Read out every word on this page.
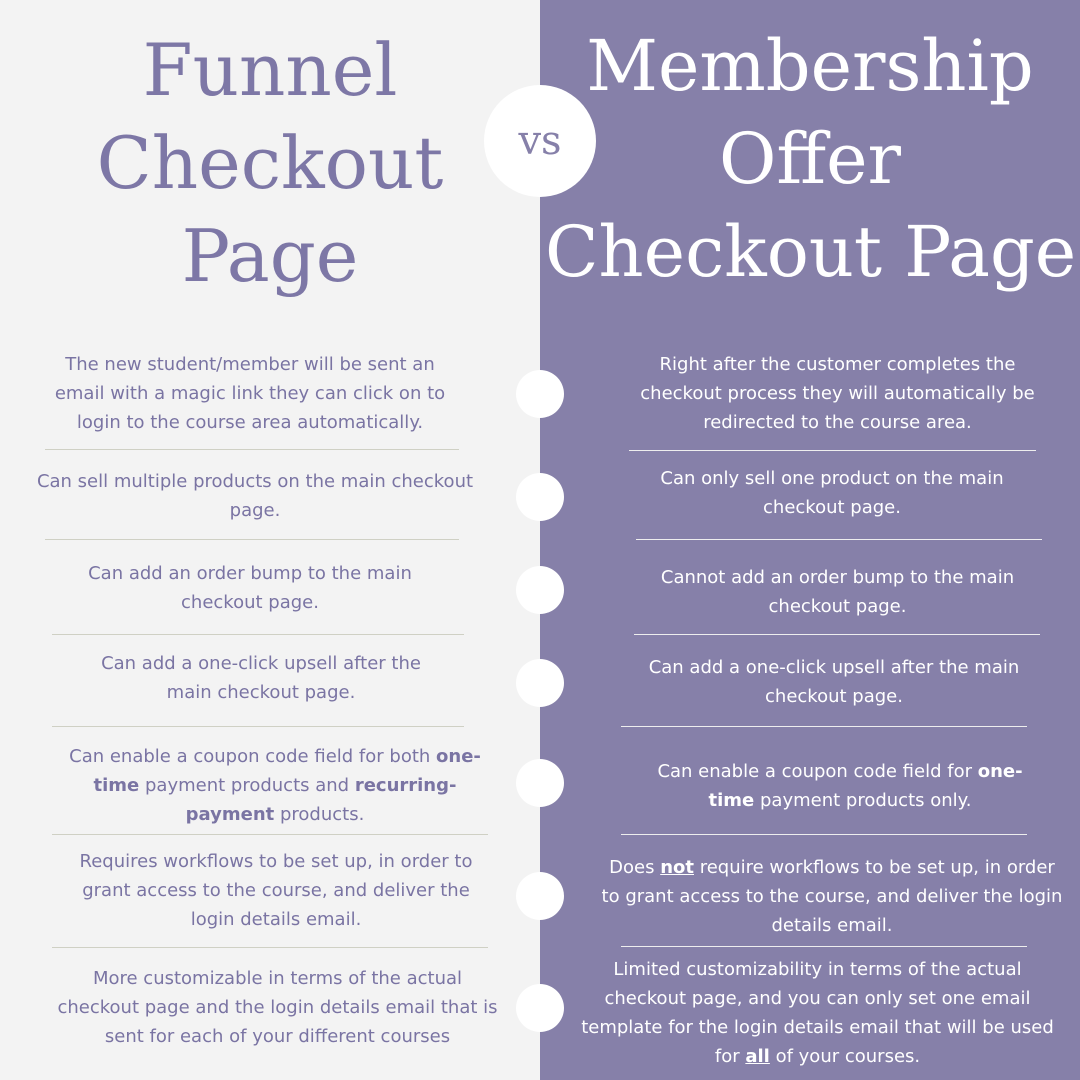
Funnel
Checkout
Page
Membership
Offer
Checkout Page
vs

The new student/member will be sent an email with a magic link they can click on to login to the course area automatically.

Can sell multiple products on the main checkout page.

Can add an order bump to the main checkout page.

Can add a one-click upsell after the main checkout page.

Can enable a coupon code field for both one-time payment products and recurring-payment products.

Requires workflows to be set up, in order to grant access to the course, and deliver the login details email.

More customizable in terms of the actual checkout page and the login details email that is sent for each of your different courses

Right after the customer completes the checkout process they will automatically be redirected to the course area.

Can only sell one product on the main checkout page.

Cannot add an order bump to the main checkout page.

Can add a one-click upsell after the main checkout page.

Can enable a coupon code field for one-time payment products only.

Does not require workflows to be set up, in order to grant access to the course, and deliver the login details email.

Limited customizability in terms of the actual checkout page, and you can only set one email template for the login details email that will be used for all of your courses.
